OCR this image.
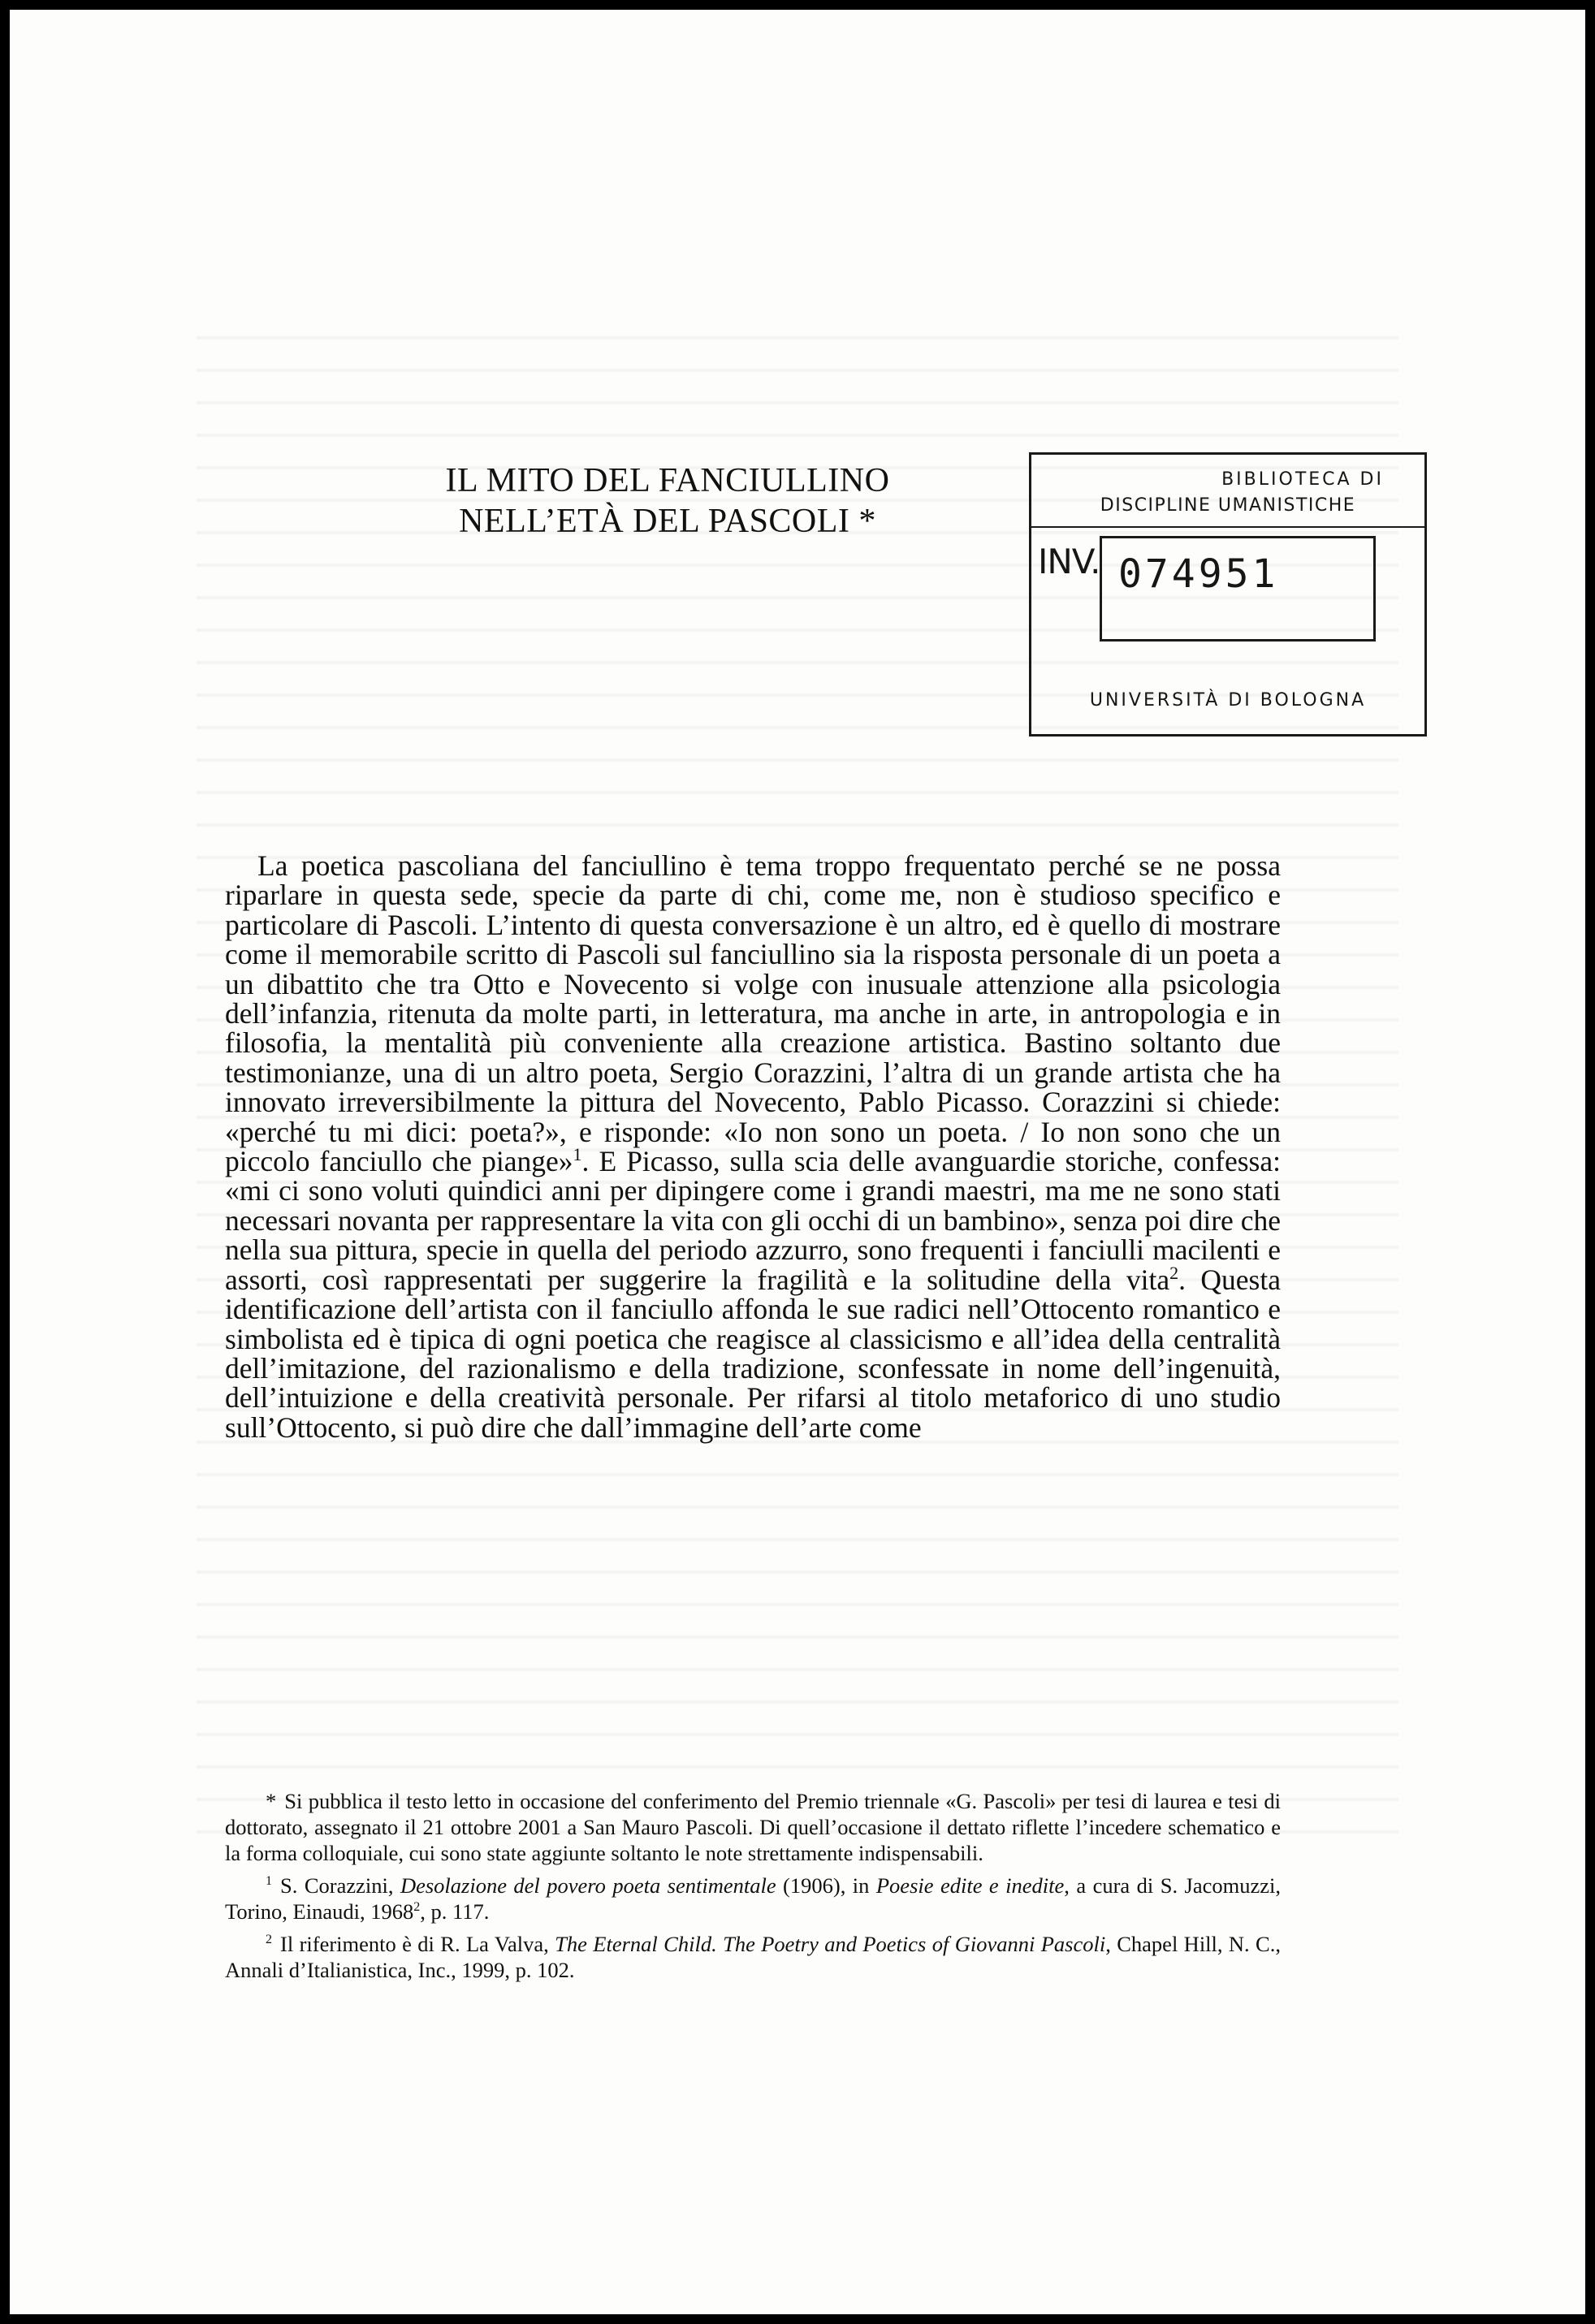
IL MITO DEL FANCIULLINO
NELL’ETÀ DEL PASCOLI *
BIBLIOTECA DI
DISCIPLINE UMANISTICHE
INV. 074951
UNIVERSITÀ DI BOLOGNA

La poetica pascoliana del fanciullino è tema troppo frequentato perché se ne possa riparlare in questa sede, specie da parte di chi, come me, non è studioso specifico e particolare di Pascoli. L’intento di questa conversazione è un altro, ed è quello di mostrare come il memorabile scritto di Pascoli sul fanciullino sia la risposta personale di un poeta a un dibattito che tra Otto e Novecento si volge con inusuale attenzione alla psicologia dell’infanzia, ritenuta da molte parti, in letteratura, ma anche in arte, in antropologia e in filosofia, la mentalità più conveniente alla creazione artistica. Bastino soltanto due testimonianze, una di un altro poeta, Sergio Corazzini, l’altra di un grande artista che ha innovato irreversibilmente la pittura del Novecento, Pablo Picasso. Corazzini si chiede: «perché tu mi dici: poeta?», e risponde: «Io non sono un poeta. / Io non sono che un piccolo fanciullo che piange»$^1$. E Picasso, sulla scia delle avanguardie storiche, confessa: «mi ci sono voluti quindici anni per dipingere come i grandi maestri, ma me ne sono stati necessari novanta per rappresentare la vita con gli occhi di un bambino», senza poi dire che nella sua pittura, specie in quella del periodo azzurro, sono frequenti i fanciulli macilenti e assorti, così rappresentati per suggerire la fragilità e la solitudine della vita$^2$. Questa identificazione dell’artista con il fanciullo affonda le sue radici nell’Ottocento romantico e simbolista ed è tipica di ogni poetica che reagisce al classicismo e all’idea della centralità dell’imitazione, del razionalismo e della tradizione, sconfessate in nome dell’ingenuità, dell’intuizione e della creatività personale. Per rifarsi al titolo metaforico di uno studio sull’Ottocento, si può dire che dall’immagine dell’arte come

* Si pubblica il testo letto in occasione del conferimento del Premio triennale «G. Pascoli» per tesi di laurea e tesi di dottorato, assegnato il 21 ottobre 2001 a San Mauro Pascoli. Di quell’occasione il dettato riflette l’incedere schematico e la forma colloquiale, cui sono state aggiunte soltanto le note strettamente indispensabili.

$^1$ S. Corazzini, Desolazione del povero poeta sentimentale (1906), in Poesie edite e inedite, a cura di S. Jacomuzzi, Torino, Einaudi, 1968$^2$, p. 117.

$^2$ Il riferimento è di R. La Valva, The Eternal Child. The Poetry and Poetics of Giovanni Pascoli, Chapel Hill, N. C., Annali d’Italianistica, Inc., 1999, p. 102.
